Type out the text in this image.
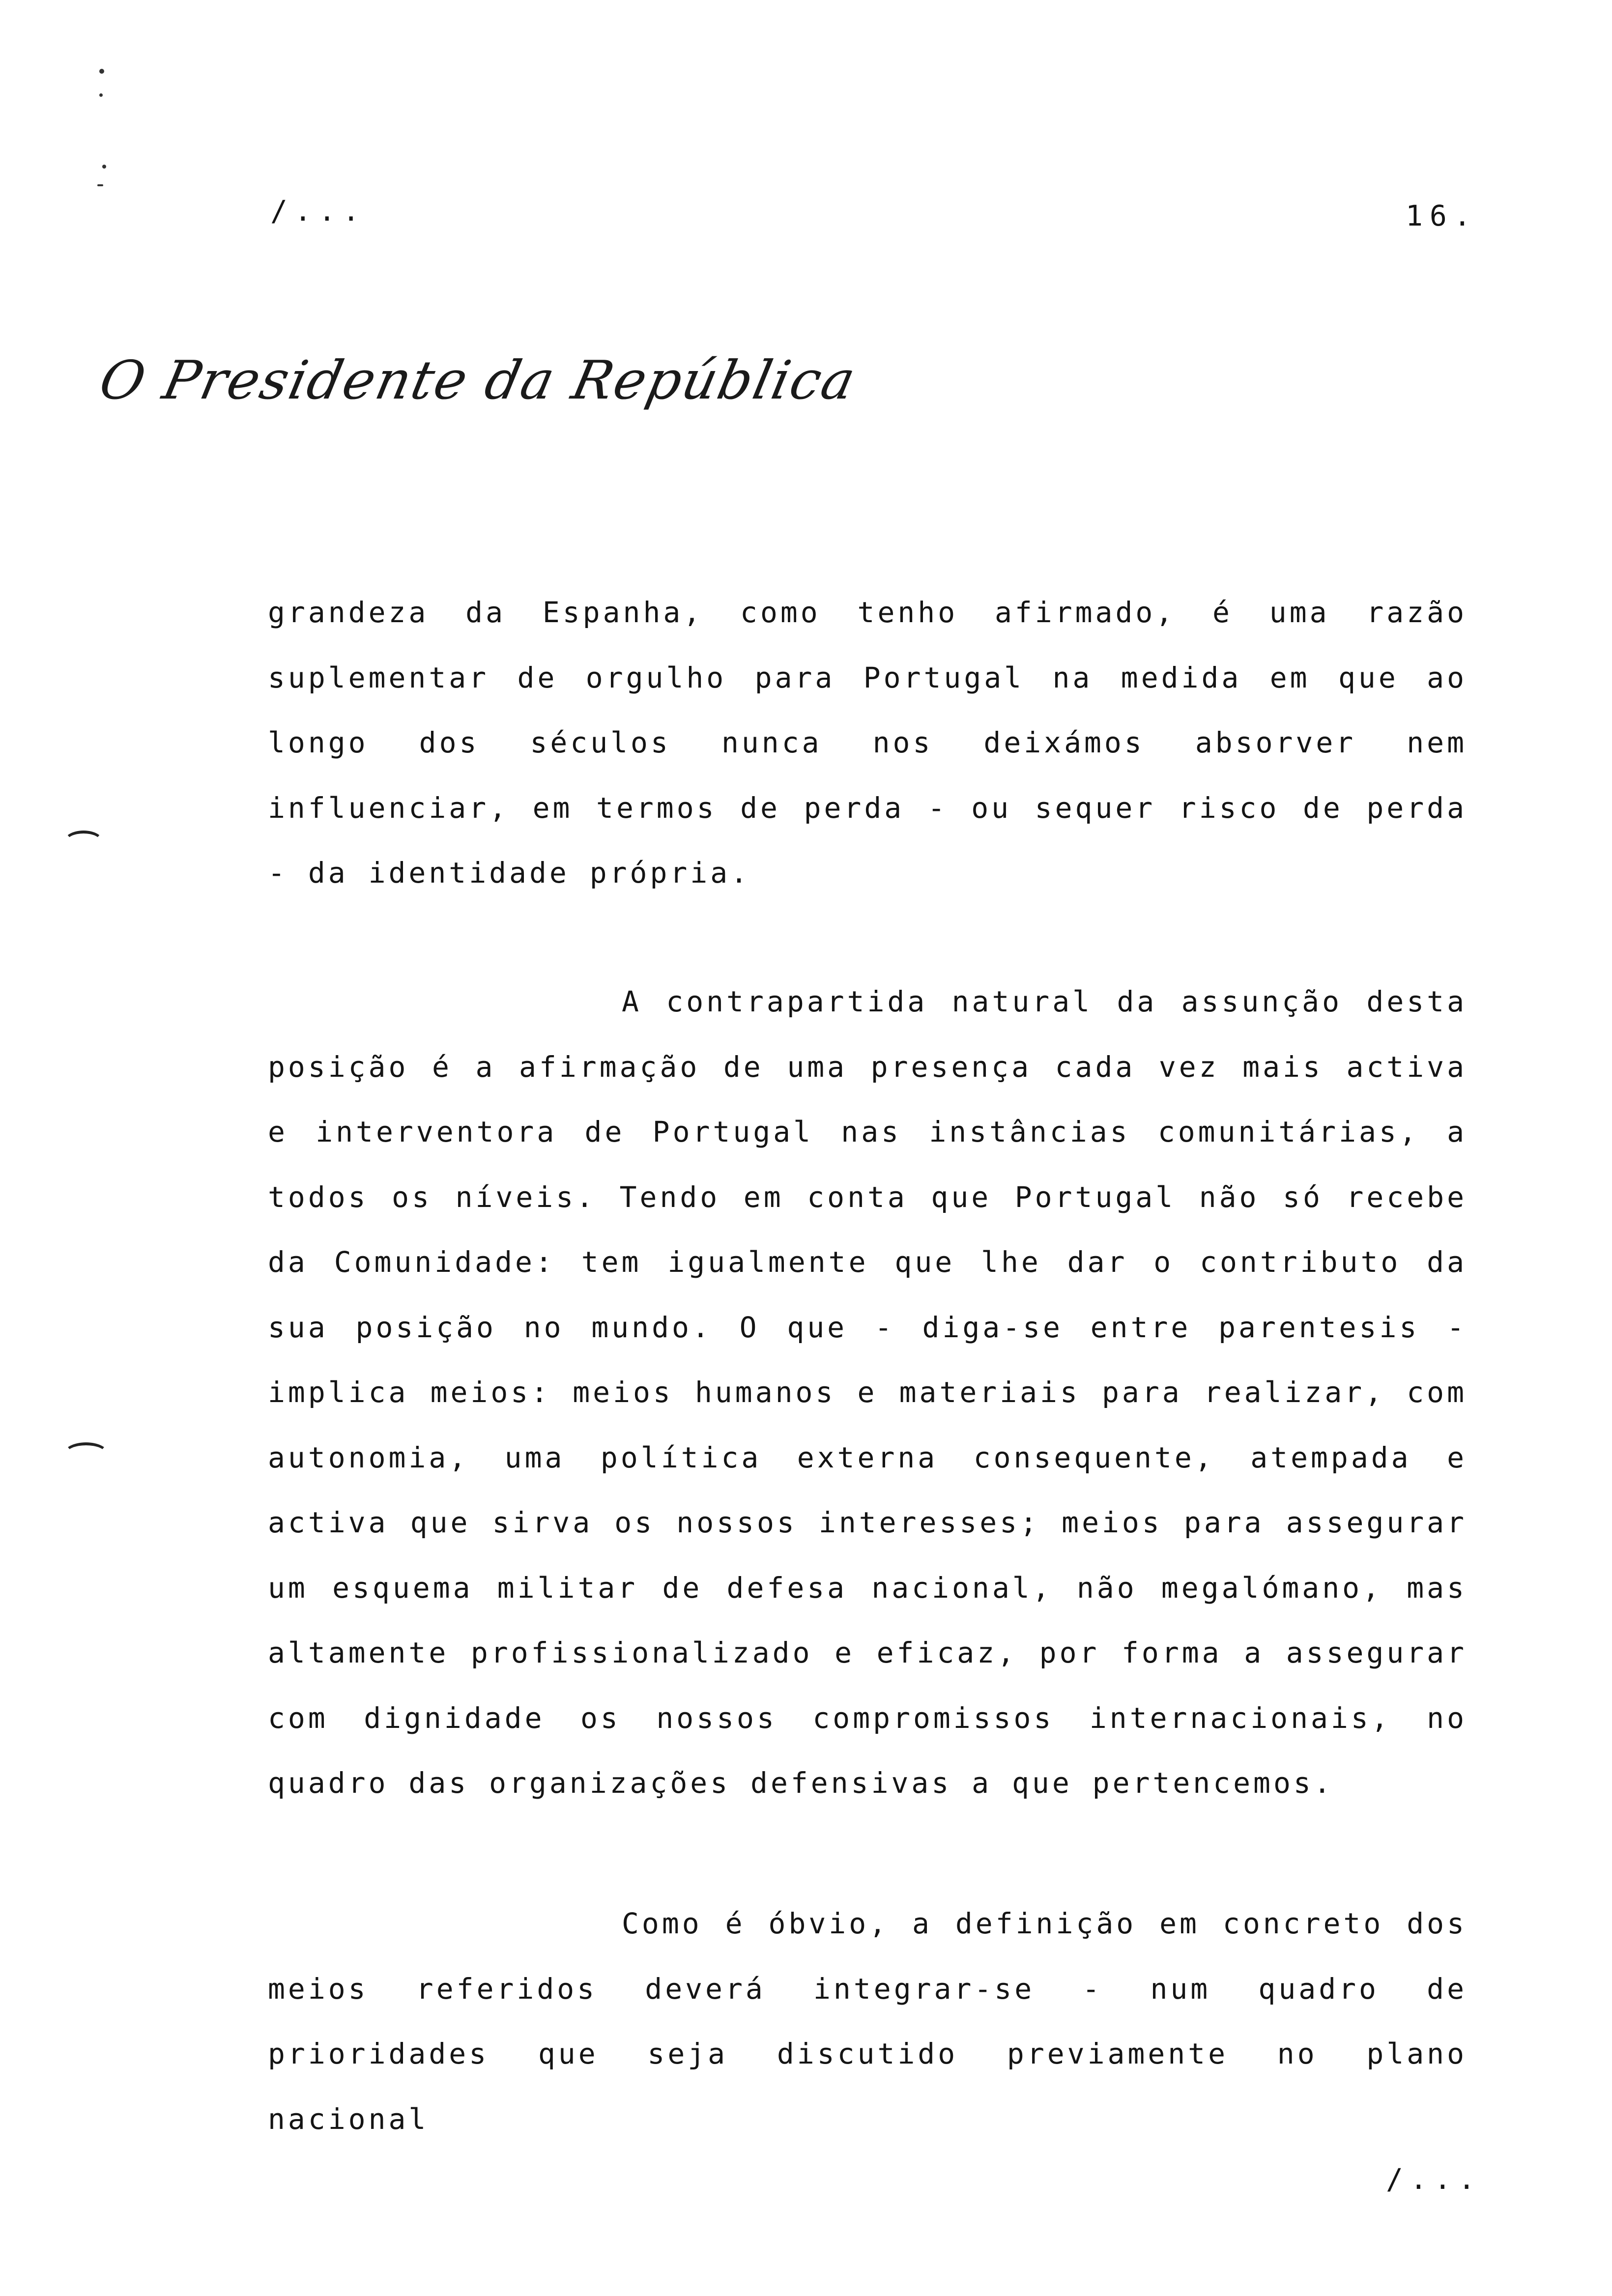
/...	16.
O Presidente da República

grandeza da Espanha, como tenho afirmado, é uma razão suplementar de orgulho para Portugal na medida em que ao longo dos séculos nunca nos deixámos absorver nem influenciar, em termos de perda - ou sequer risco de perda - da identidade própria.

A contrapartida natural da assunção desta posição é a afirmação de uma presença cada vez mais activa e interventora de Portugal nas instâncias comunitárias, a todos os níveis. Tendo em conta que Portugal não só recebe da Comunidade: tem igualmente que lhe dar o contributo da sua posição no mundo. O que - diga-se entre parentesis - implica meios: meios humanos e materiais para realizar, com autonomia, uma política externa consequente, atempada e activa que sirva os nossos interesses; meios para assegurar um esquema militar de defesa nacional, não megalómano, mas altamente profissionalizado e eficaz, por forma a assegurar com dignidade os nossos compromissos internacionais, no quadro das organizações defensivas a que pertencemos.

Como é óbvio, a definição em concreto dos meios referidos deverá integrar-se - num quadro de prioridades que seja discutido previamente no plano nacional

/...
